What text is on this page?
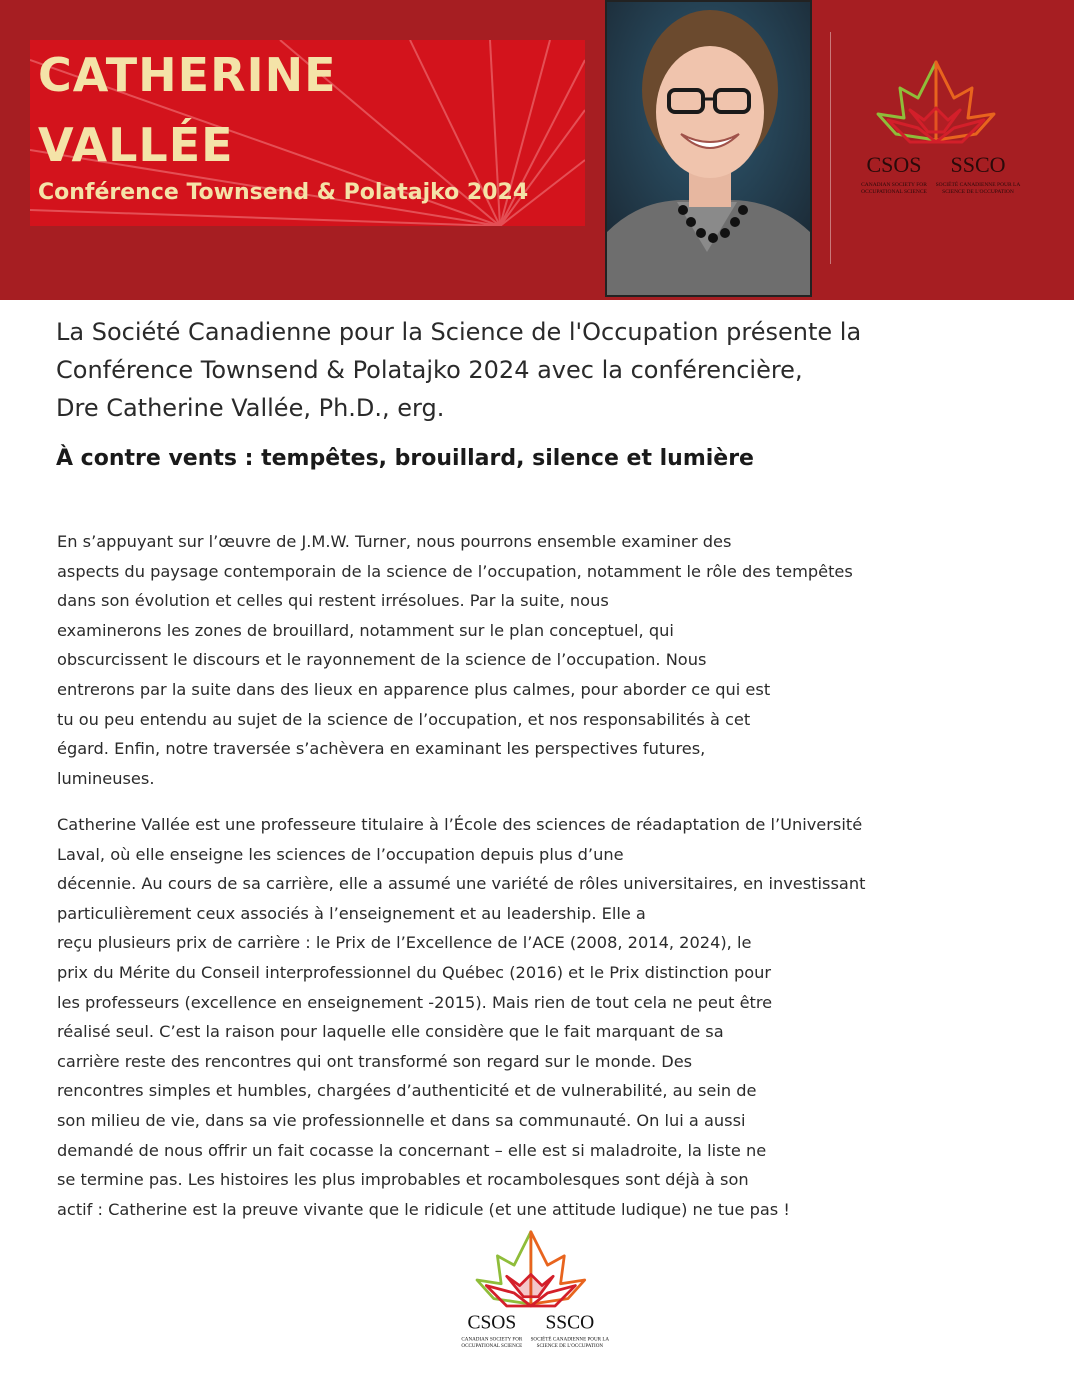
CATHERINE
VALLÉE
Conférence Townsend & Polatajko 2024
CSOS SSCO
CANADIAN SOCIETY FOR
OCCUPATIONAL SCIENCE
SOCIÉTÉ CANADIENNE POUR LA
SCIENCE DE L'OCCUPATION
La Société Canadienne pour la Science de l'Occupation présente la
Conférence Townsend & Polatajko 2024 avec la conférencière,
Dre Catherine Vallée, Ph.D., erg.
À contre vents : tempêtes, brouillard, silence et lumière
En s’appuyant sur l’œuvre de J.M.W. Turner, nous pourrons ensemble examiner des
aspects du paysage contemporain de la science de l’occupation, notamment le rôle des tempêtes
dans son évolution et celles qui restent irrésolues. Par la suite, nous
examinerons les zones de brouillard, notamment sur le plan conceptuel, qui
obscurcissent le discours et le rayonnement de la science de l’occupation. Nous
entrerons par la suite dans des lieux en apparence plus calmes, pour aborder ce qui est
tu ou peu entendu au sujet de la science de l’occupation, et nos responsabilités à cet
égard. Enfin, notre traversée s’achèvera en examinant les perspectives futures,
lumineuses.
Catherine Vallée est une professeure titulaire à l’École des sciences de réadaptation de l’Université
Laval, où elle enseigne les sciences de l’occupation depuis plus d’une
décennie. Au cours de sa carrière, elle a assumé une variété de rôles universitaires, en investissant
particulièrement ceux associés à l’enseignement et au leadership. Elle a
reçu plusieurs prix de carrière : le Prix de l’Excellence de l’ACE (2008, 2014, 2024), le
prix du Mérite du Conseil interprofessionnel du Québec (2016) et le Prix distinction pour
les professeurs (excellence en enseignement -2015). Mais rien de tout cela ne peut être
réalisé seul. C’est la raison pour laquelle elle considère que le fait marquant de sa
carrière reste des rencontres qui ont transformé son regard sur le monde. Des
rencontres simples et humbles, chargées d’authenticité et de vulnerabilité, au sein de
son milieu de vie, dans sa vie professionnelle et dans sa communauté. On lui a aussi
demandé de nous offrir un fait cocasse la concernant – elle est si maladroite, la liste ne
se termine pas. Les histoires les plus improbables et rocambolesques sont déjà à son
actif : Catherine est la preuve vivante que le ridicule (et une attitude ludique) ne tue pas !
CSOS SSCO
CANADIAN SOCIETY FOR
OCCUPATIONAL SCIENCE
SOCIÉTÉ CANADIENNE POUR LA
SCIENCE DE L'OCCUPATION
